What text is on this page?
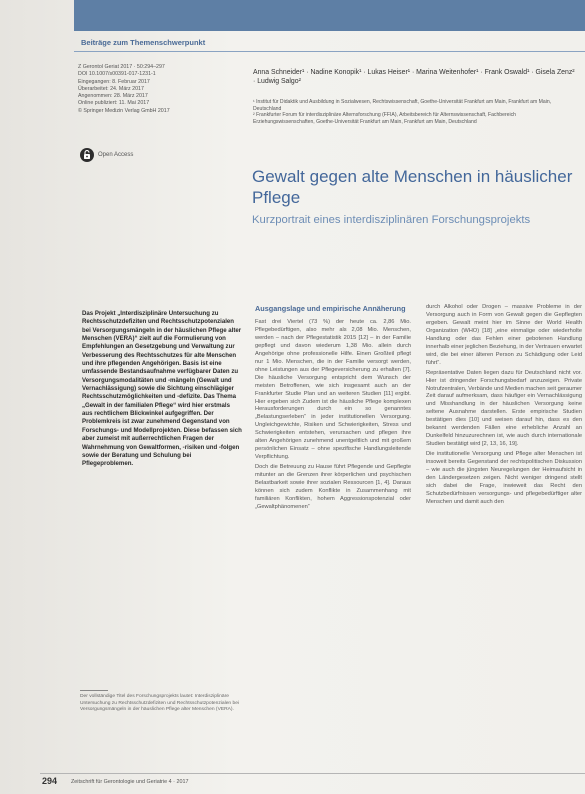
Beiträge zum Themenschwerpunkt
Z Gerontol Geriat 2017 · 50:294–297
DOI 10.1007/s00391-017-1231-1
Eingegangen: 8. Februar 2017
Überarbeitet: 24. März 2017
Angenommen: 28. März 2017
Online publiziert: 11. Mai 2017
© Springer Medizin Verlag GmbH 2017
Open Access
Anna Schneider¹ · Nadine Konopik¹ · Lukas Heiser¹ · Marina Weitenhofer¹ · Frank Oswald¹ · Gisela Zenz² · Ludwig Salgo²
¹ Institut für Didaktik und Ausbildung in Sozialwesen, Rechtswissenschaft, Goethe-Universität Frankfurt am Main, Frankfurt am Main, Deutschland
² Frankfurter Forum für interdisziplinäre Alternsforschung (FFIA), Arbeitsbereich für Alternswissenschaft, Fachbereich Erziehungswissenschaften, Goethe-Universität Frankfurt am Main, Frankfurt am Main, Deutschland
Gewalt gegen alte Menschen in häuslicher Pflege
Kurzportrait eines interdisziplinären Forschungsprojekts
Das Projekt „Interdisziplinäre Untersuchung zu Rechtsschutzdefiziten und Rechtsschutzpotenzialen bei Versorgungsmängeln in der häuslichen Pflege alter Menschen (VERA)“ zielt auf die Formulierung von Empfehlungen an Gesetzgebung und Verwaltung zur Verbesserung des Rechtsschutzes für alte Menschen und ihre pflegenden Angehörigen. Basis ist eine umfassende Bestandsaufnahme verfügbarer Daten zu Versorgungsmodalitäten und -mängeln (Gewalt und Vernachlässigung) sowie die Sichtung einschlägiger Rechtsschutzmöglichkeiten und -defizite. Das Thema „Gewalt in der familialen Pflege“ wird hier erstmals aus rechtlichem Blickwinkel aufgegriffen. Der Problemkreis ist zwar zunehmend Gegenstand von Forschungs- und Modellprojekten. Diese befassen sich aber zumeist mit außerrechtlichen Fragen der Wahrnehmung von Gewaltformen, -risiken und -folgen sowie der Beratung und Schulung bei Pflegeproblemen.
Der vollständige Titel des Forschungsprojekts lautet: Interdisziplinäre Untersuchung zu Rechtsschutzdefiziten und Rechtsschutzpotenzialen bei Versorgungsmängeln in der häuslichen Pflege alter Menschen (VERA).
Ausgangslage und empirische Annäherung

Fast drei Viertel (73 %) der heute ca. 2,86 Mio. Pflegebedürftigen, also mehr als 2,08 Mio. Menschen, werden – nach der Pflegestatistik 2015 [12] – in der Familie gepflegt und davon wiederum 1,38 Mio. allein durch Angehörige ohne professionelle Hilfe. Einen Großteil pflegt nur 1 Mio. Menschen, die in der Familie versorgt werden, ohne Leistungen aus der Pflegeversicherung zu erhalten [7]. Die häusliche Versorgung entspricht dem Wunsch der meisten Betroffenen, wie sich insgesamt auch an der Frankfurter Studie Plan und an weiteren Studien [11] ergibt. Hier ergeben sich Zudem ist die häusliche Pflege komplexen Herausforderungen durch ein so genanntes „Belastungserleben“ in jeder institutionellen Versorgung. Ungleichgewichte, Risiken und Schwierigkeiten, Stress und Schwierigkeiten entstehen, verursachen und pflegen ihre alten Angehörigen zunehmend unentgeltlich und mit großem persönlichen Einsatz – ohne spezifische Handlungsleitende Verpflichtung.

Doch die Betreuung zu Hause führt Pflegende und Gepflegte mitunter an die Grenzen ihrer körperlichen und psychischen Belastbarkeit sowie ihrer sozialen Ressourcen [1, 4]. Daraus können sich zudem Konflikte in Zusammenhang mit familiären Konflikten, hohem Aggressionspotenzial oder „Gewaltphänomenen“

durch Alkohol oder Drogen – massive Probleme in der Versorgung auch in Form von Gewalt gegen die Gepflegten ergeben. Gewalt meint hier im Sinne der World Health Organization (WHO) [18] „eine einmalige oder wiederholte Handlung oder das Fehlen einer gebotenen Handlung innerhalb einer jeglichen Beziehung, in der Vertrauen erwartet wird, die bei einer älteren Person zu Schädigung oder Leid führt“.

Repräsentative Daten liegen dazu für Deutschland nicht vor. Hier ist dringender Forschungsbedarf anzuzeigen. Private Notrufzentralen, Verbände und Medien machen seit geraumer Zeit darauf aufmerksam, dass häufiger ein Vernachlässigung und Misshandlung in der häuslichen Versorgung keine seltene Ausnahme darstellen. Erste empirische Studien bestätigen dies [10] und weisen darauf hin, dass es den bekannt werdenden Fällen eine erhebliche Anzahl an Dunkelfeld hinzuzurechnen ist, wie auch durch internationale Studien bestätigt wird [2, 13, 16, 19].

Die institutionelle Versorgung und Pflege alter Menschen ist insoweit bereits Gegenstand der rechtspolitischen Diskussion – wie auch die jüngsten Neuregelungen der Heimaufsicht in den Ländergesetzen zeigen. Nicht weniger dringend stellt sich dabei die Frage, inwieweit das Recht den Schutzbedürfnissen versorgungs- und pflegebedürftiger alter Menschen und damit auch den

294	Zeitschrift für Gerontologie und Geriatrie 4 · 2017
